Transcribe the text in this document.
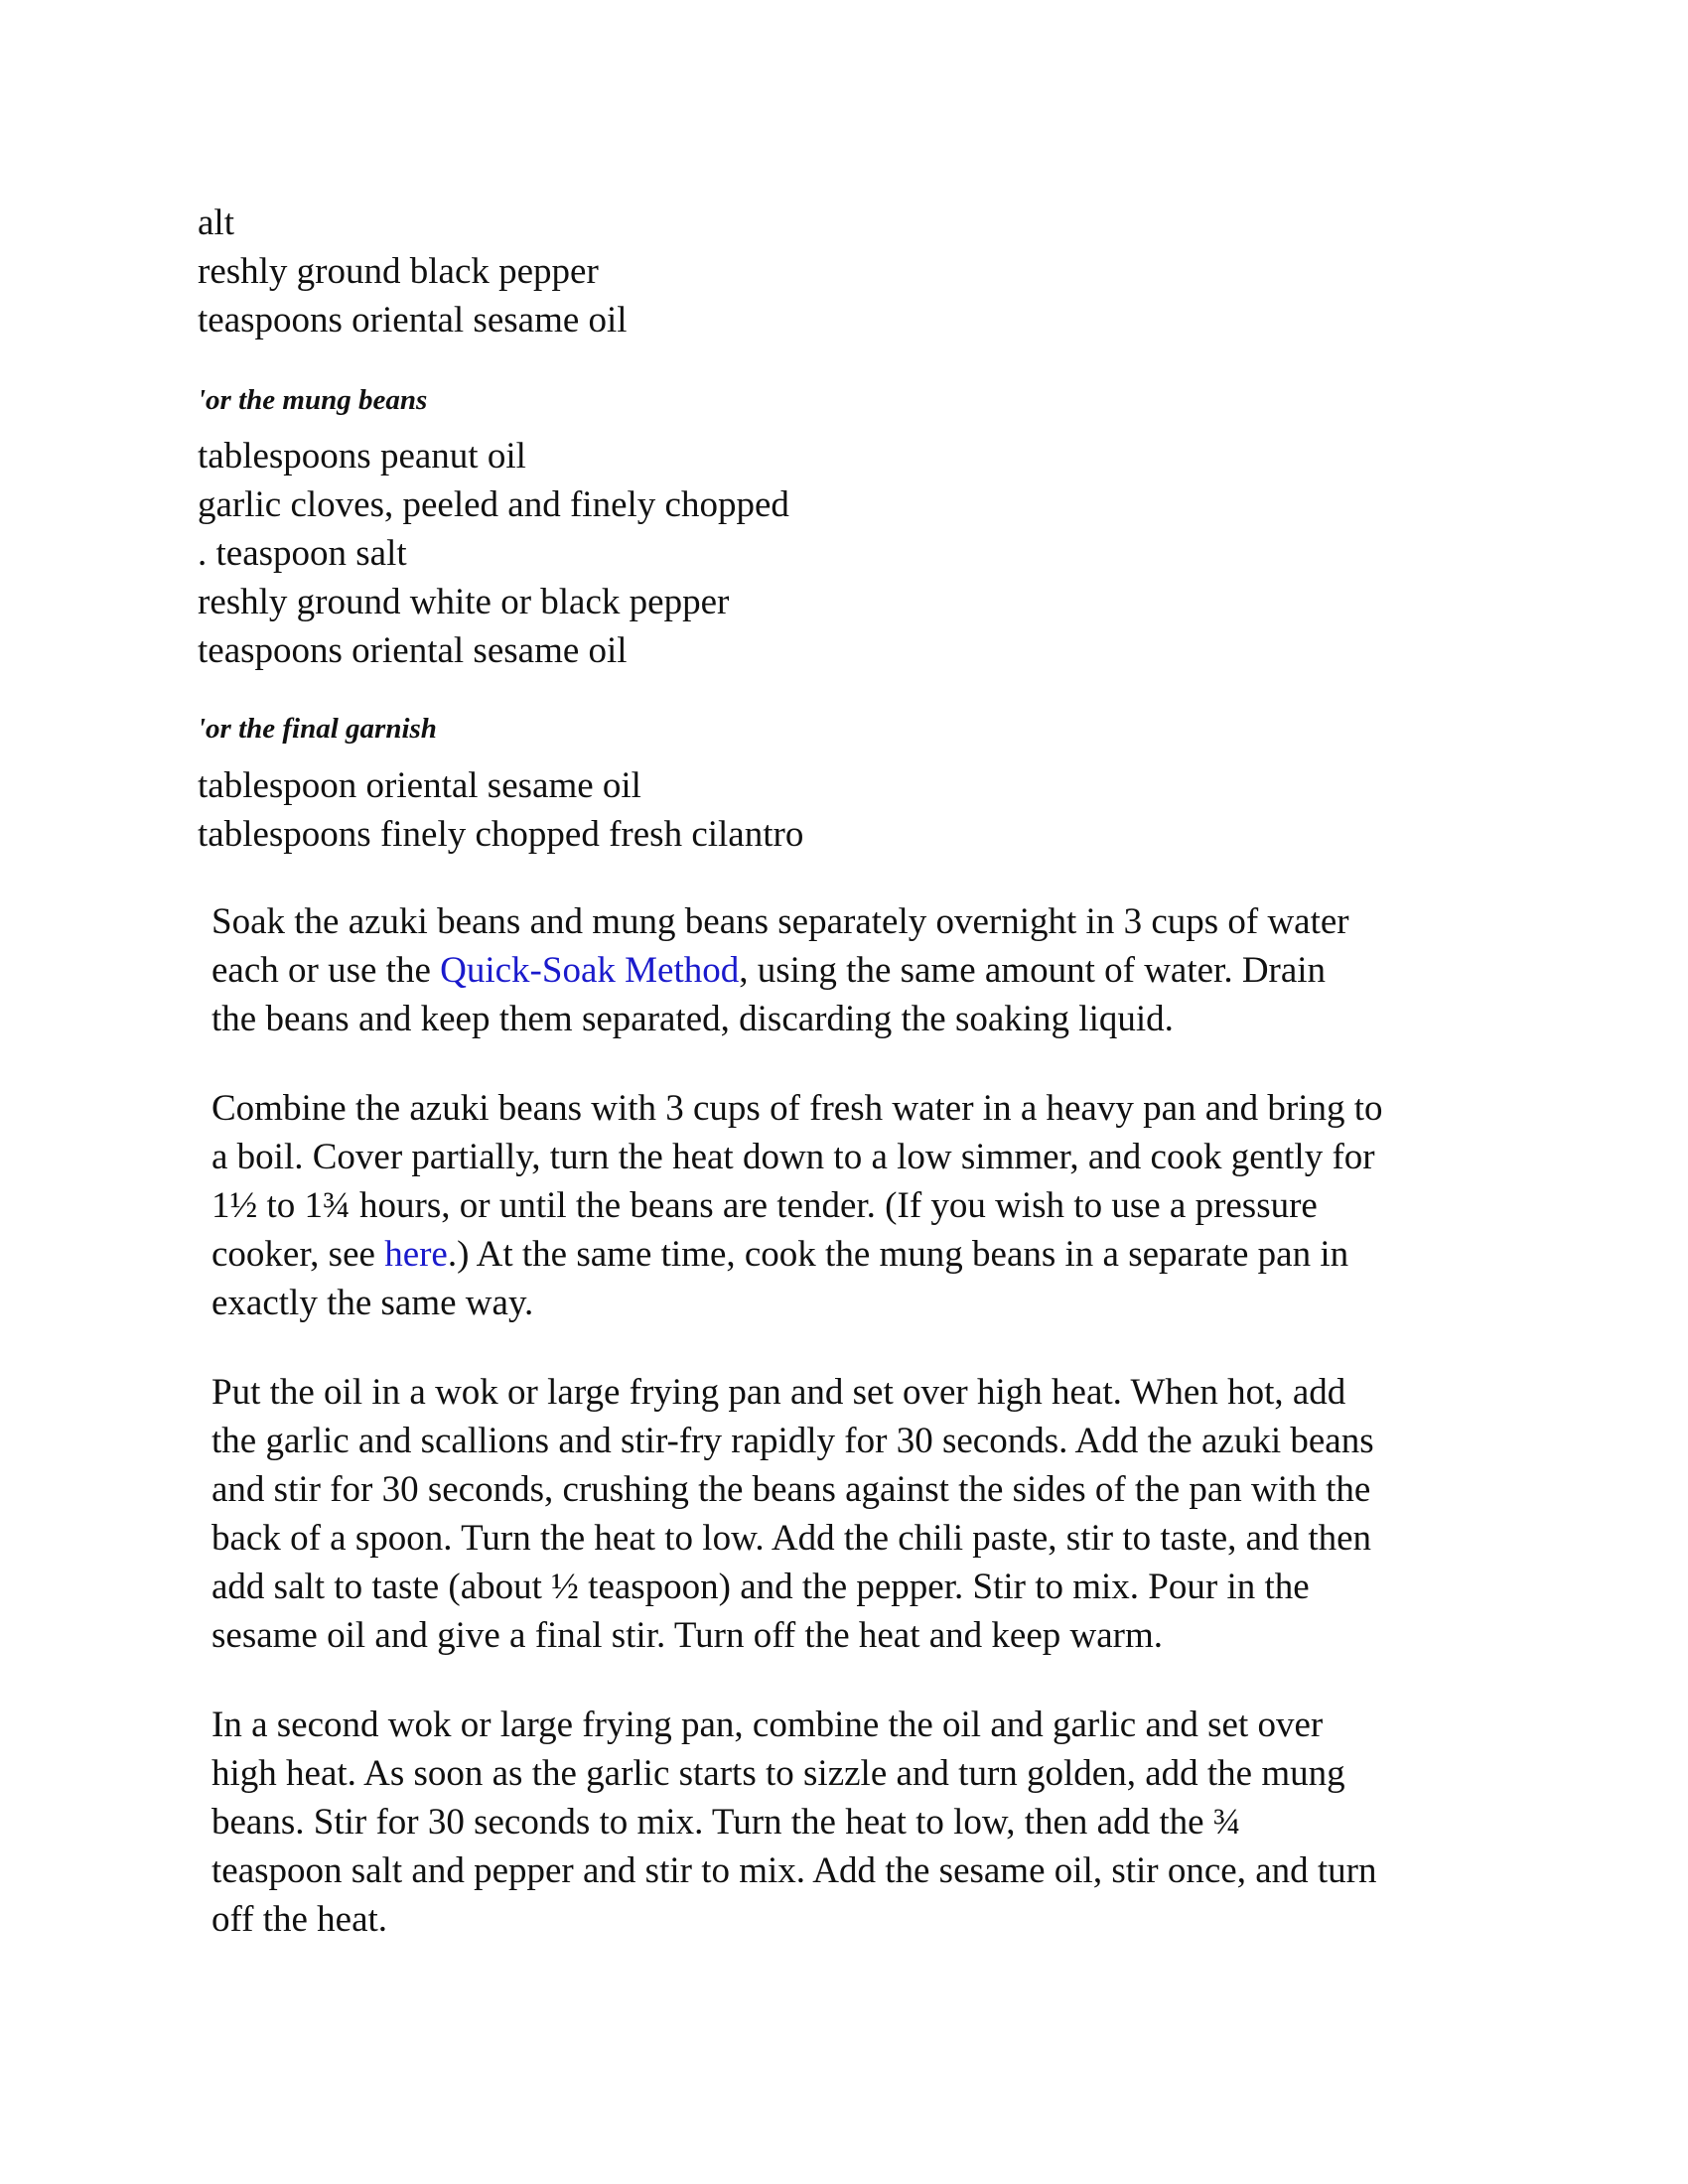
alt
reshly ground black pepper
teaspoons oriental sesame oil
'or the mung beans
tablespoons peanut oil
garlic cloves, peeled and finely chopped
. teaspoon salt
reshly ground white or black pepper
teaspoons oriental sesame oil
'or the final garnish
tablespoon oriental sesame oil
tablespoons finely chopped fresh cilantro

Soak the azuki beans and mung beans separately overnight in 3 cups of water
each or use the Quick-Soak Method, using the same amount of water. Drain
the beans and keep them separated, discarding the soaking liquid.

Combine the azuki beans with 3 cups of fresh water in a heavy pan and bring to
a boil. Cover partially, turn the heat down to a low simmer, and cook gently for
1½ to 1¾ hours, or until the beans are tender. (If you wish to use a pressure
cooker, see here.) At the same time, cook the mung beans in a separate pan in
exactly the same way.

Put the oil in a wok or large frying pan and set over high heat. When hot, add
the garlic and scallions and stir-fry rapidly for 30 seconds. Add the azuki beans
and stir for 30 seconds, crushing the beans against the sides of the pan with the
back of a spoon. Turn the heat to low. Add the chili paste, stir to taste, and then
add salt to taste (about ½ teaspoon) and the pepper. Stir to mix. Pour in the
sesame oil and give a final stir. Turn off the heat and keep warm.

In a second wok or large frying pan, combine the oil and garlic and set over
high heat. As soon as the garlic starts to sizzle and turn golden, add the mung
beans. Stir for 30 seconds to mix. Turn the heat to low, then add the ¾
teaspoon salt and pepper and stir to mix. Add the sesame oil, stir once, and turn
off the heat.
